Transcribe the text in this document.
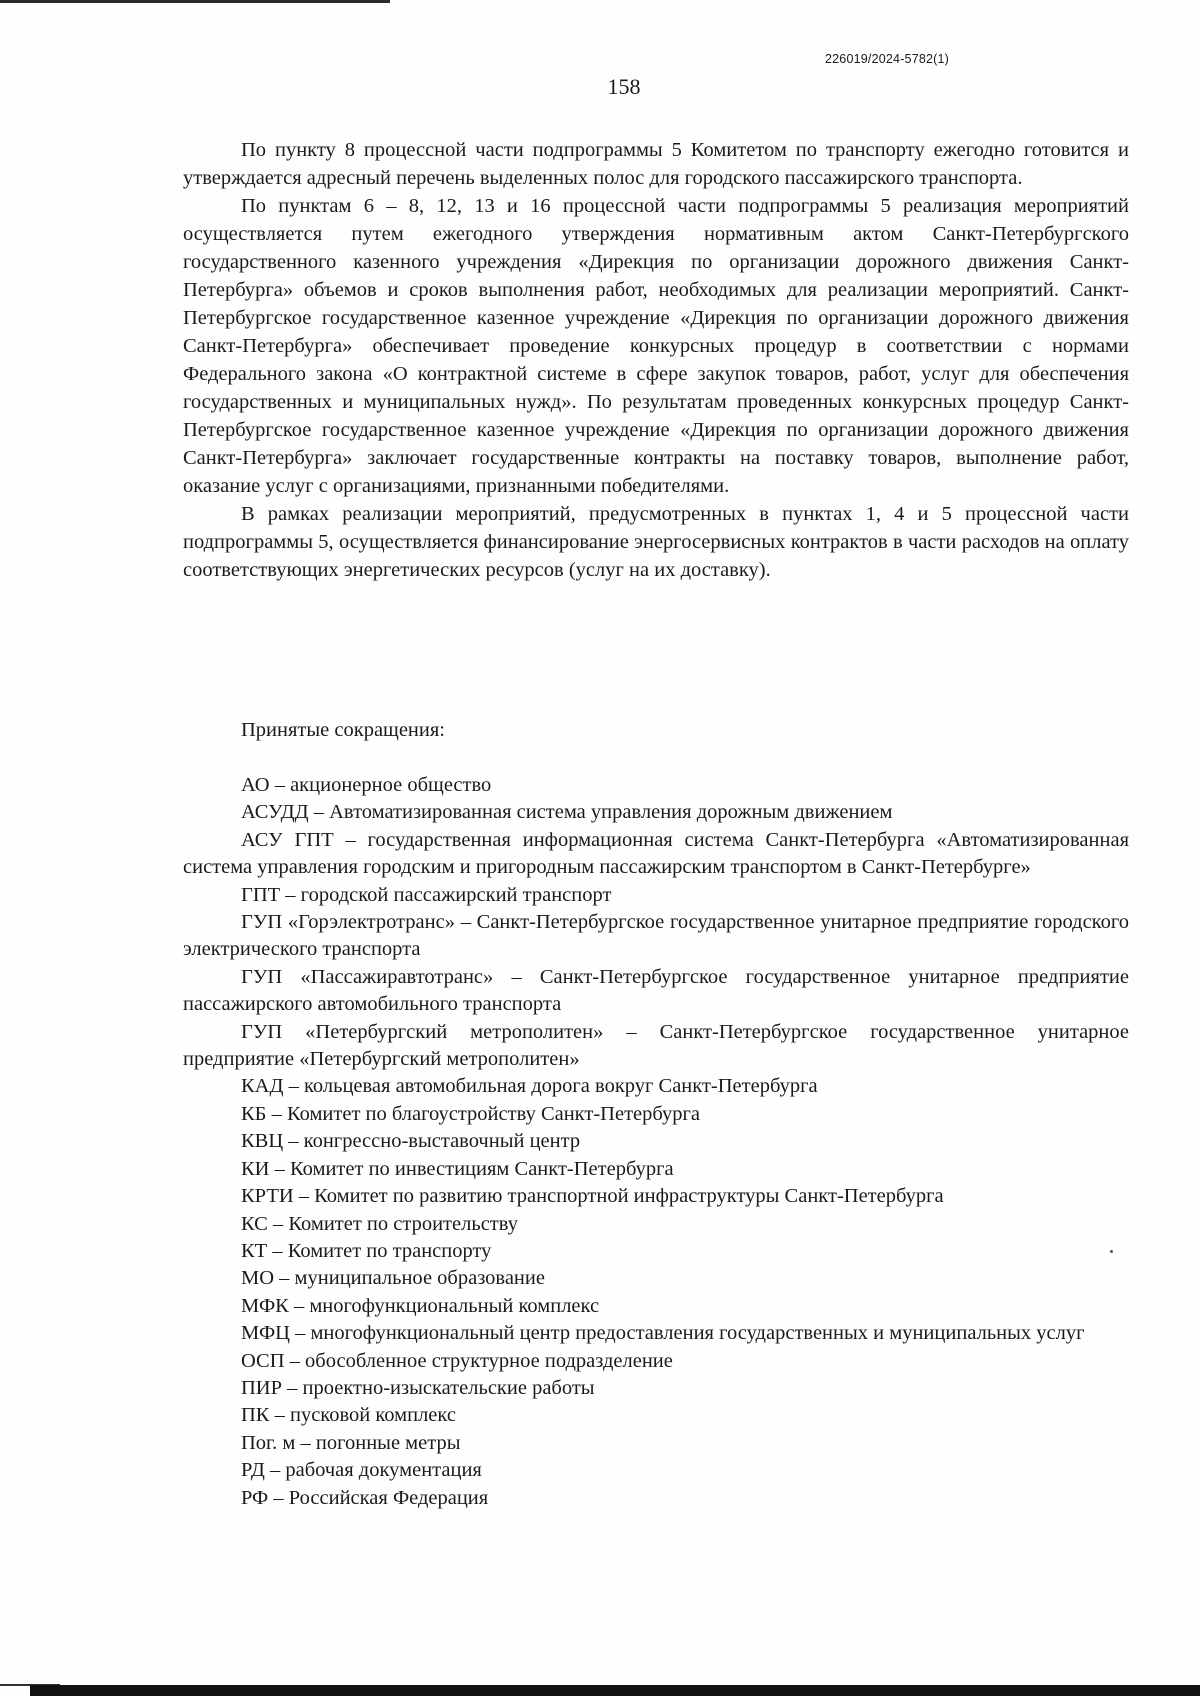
226019/2024-5782(1)
158

По пункту 8 процессной части подпрограммы 5 Комитетом по транспорту ежегодно готовится и утверждается адресный перечень выделенных полос для городского пассажирского транспорта.

По пунктам 6 – 8, 12, 13 и 16 процессной части подпрограммы 5 реализация мероприятий осуществляется путем ежегодного утверждения нормативным актом Санкт-Петербургского государственного казенного учреждения «Дирекция по организации дорожного движения Санкт-Петербурга» объемов и сроков выполнения работ, необходимых для реализации мероприятий. Санкт-Петербургское государственное казенное учреждение «Дирекция по организации дорожного движения Санкт-Петербурга» обеспечивает проведение конкурсных процедур в соответствии с нормами Федерального закона «О контрактной системе в сфере закупок товаров, работ, услуг для обеспечения государственных и муниципальных нужд». По результатам проведенных конкурсных процедур Санкт-Петербургское государственное казенное учреждение «Дирекция по организации дорожного движения Санкт-Петербурга» заключает государственные контракты на поставку товаров, выполнение работ, оказание услуг с организациями, признанными победителями.

В рамках реализации мероприятий, предусмотренных в пунктах 1, 4 и 5 процессной части подпрограммы 5, осуществляется финансирование энергосервисных контрактов в части расходов на оплату соответствующих энергетических ресурсов (услуг на их доставку).

Принятые сокращения:

АО – акционерное общество

АСУДД – Автоматизированная система управления дорожным движением

АСУ ГПТ – государственная информационная система Санкт-Петербурга «Автоматизированная система управления городским и пригородным пассажирским транспортом в Санкт-Петербурге»

ГПТ – городской пассажирский транспорт

ГУП «Горэлектротранс» – Санкт-Петербургское государственное унитарное предприятие городского электрического транспорта

ГУП «Пассажиравтотранс» – Санкт-Петербургское государственное унитарное предприятие пассажирского автомобильного транспорта

ГУП «Петербургский метрополитен» – Санкт-Петербургское государственное унитарное предприятие «Петербургский метрополитен»

КАД – кольцевая автомобильная дорога вокруг Санкт-Петербурга

КБ – Комитет по благоустройству Санкт-Петербурга

КВЦ – конгрессно-выставочный центр

КИ – Комитет по инвестициям Санкт-Петербурга

КРТИ – Комитет по развитию транспортной инфраструктуры Санкт-Петербурга

КС – Комитет по строительству

КТ – Комитет по транспорту

МО – муниципальное образование

МФК – многофункциональный комплекс

МФЦ – многофункциональный центр предоставления государственных и муниципальных услуг

ОСП – обособленное структурное подразделение

ПИР – проектно-изыскательские работы

ПК – пусковой комплекс

Пог. м – погонные метры

РД – рабочая документация

РФ – Российская Федерация
